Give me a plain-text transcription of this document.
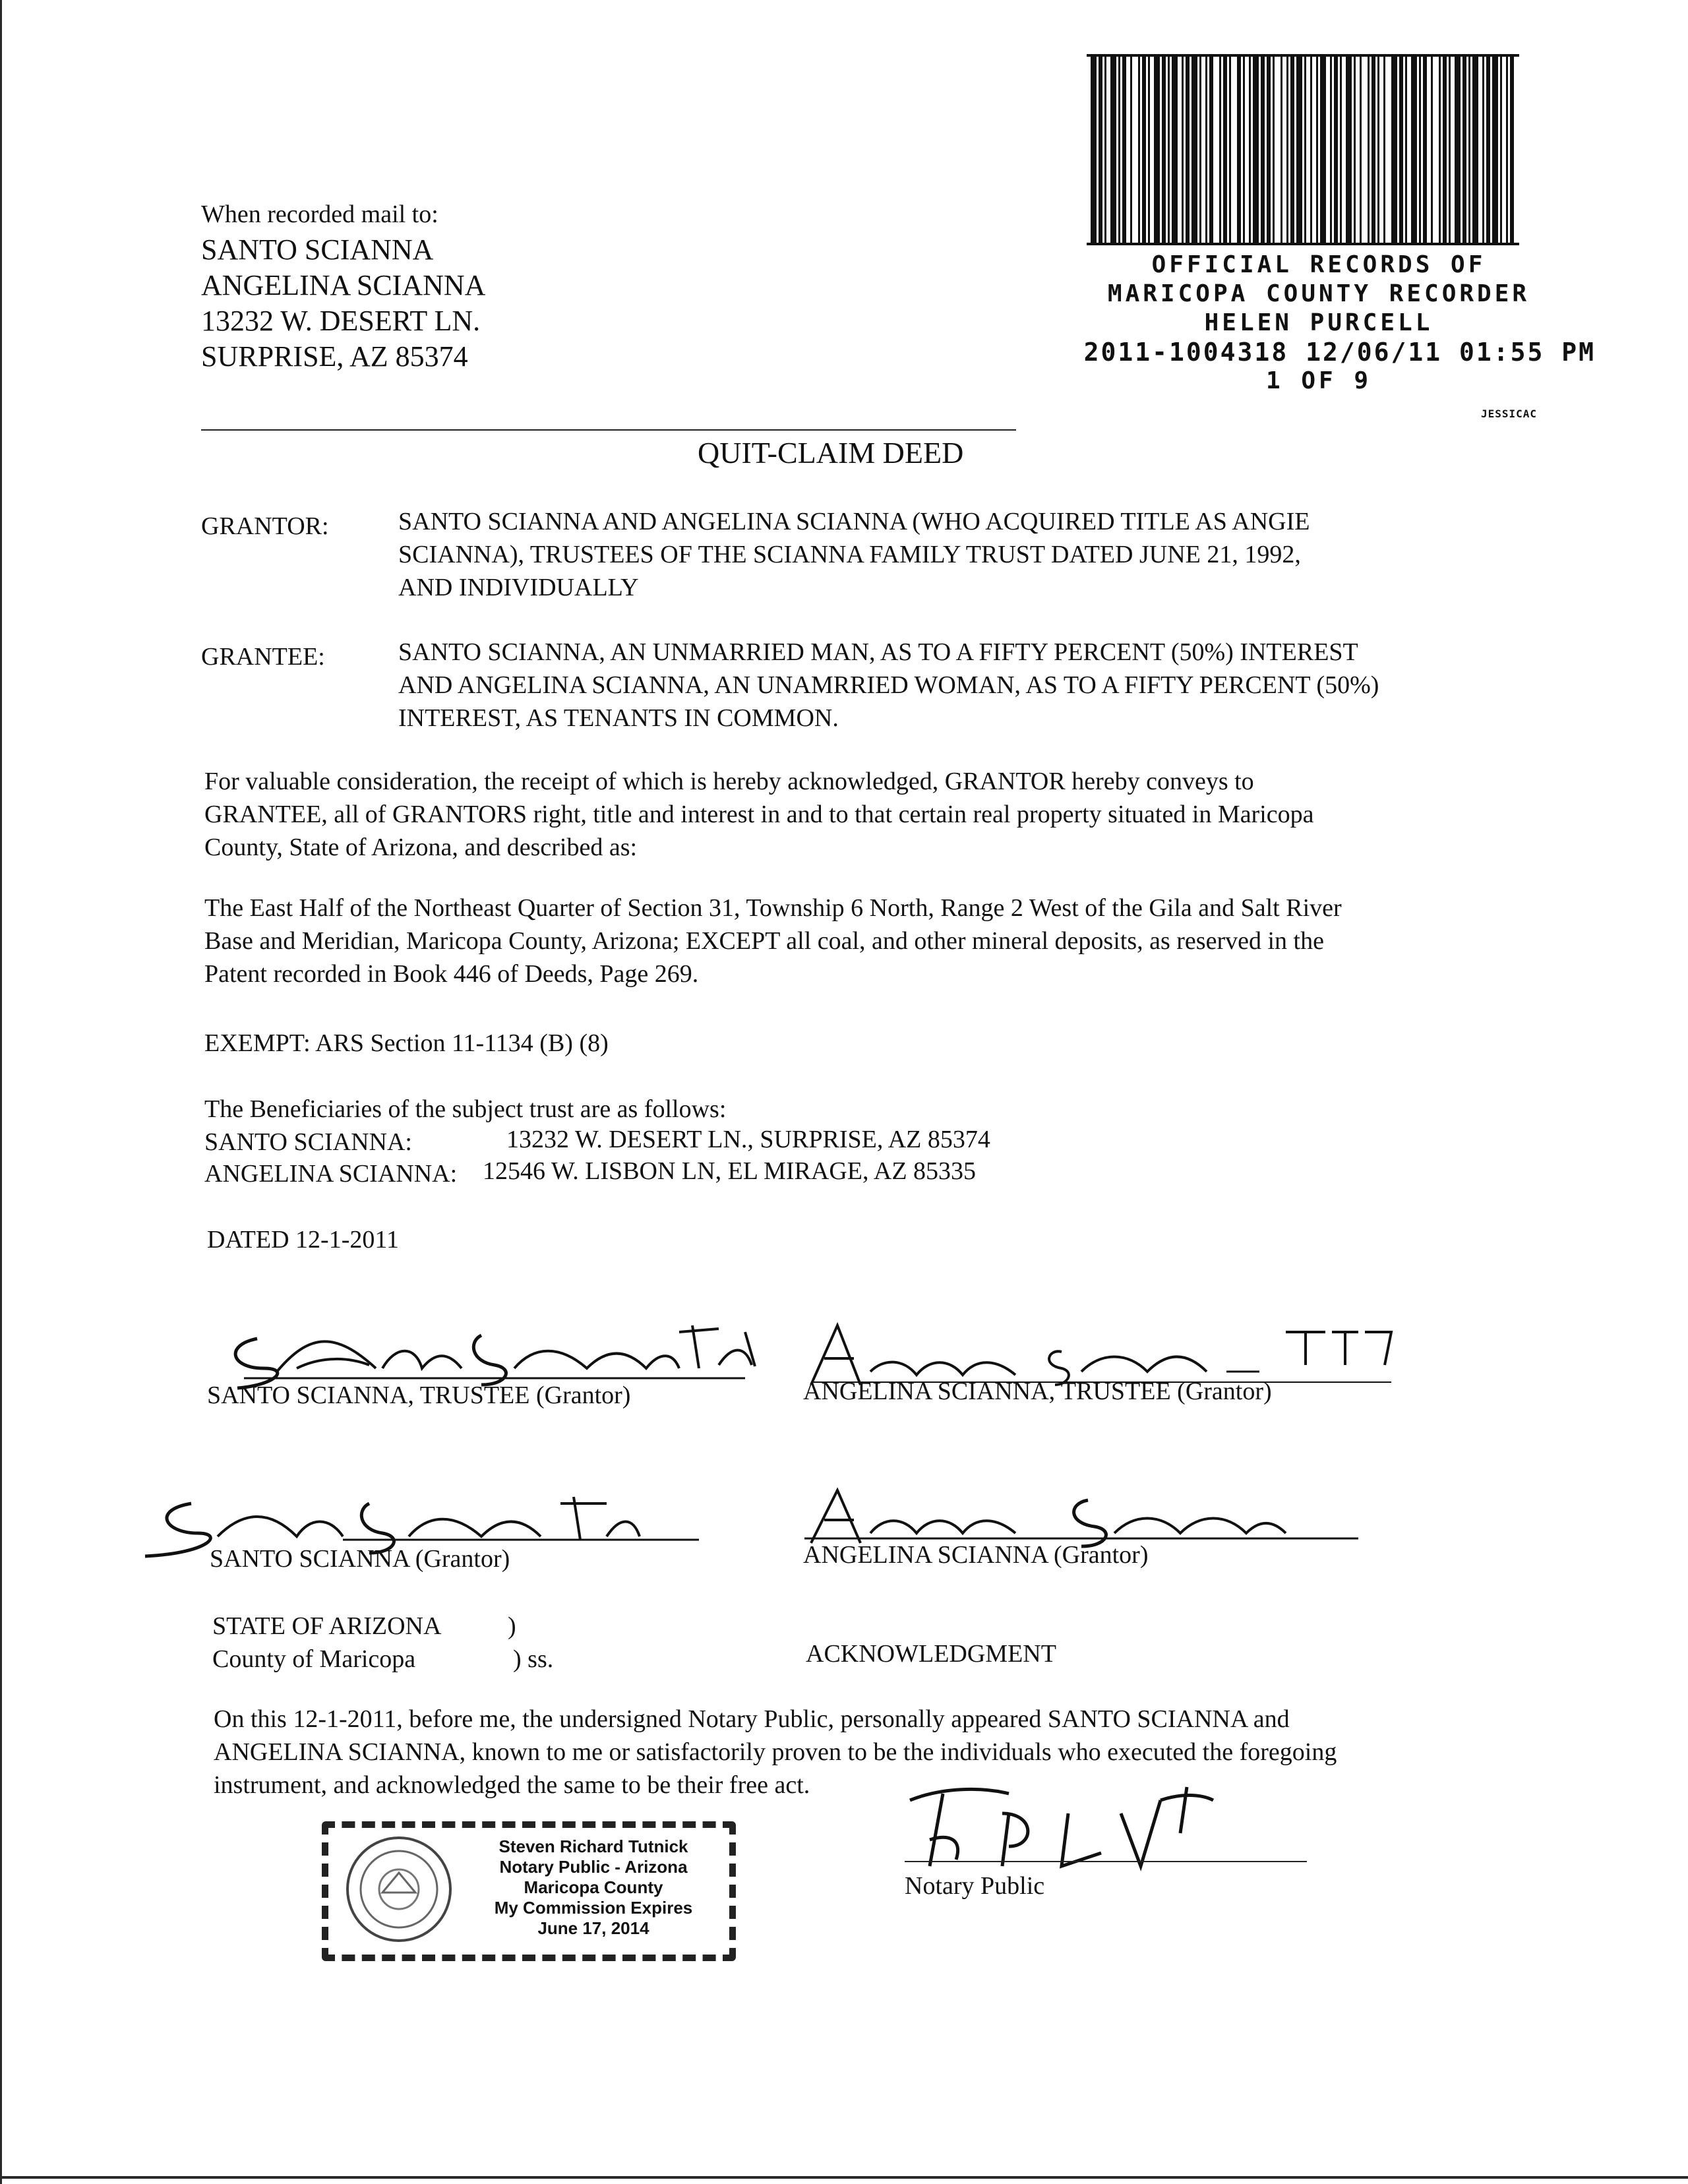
When recorded mail to:
SANTO SCIANNA
ANGELINA SCIANNA
13232 W. DESERT LN.
SURPRISE, AZ 85374
OFFICIAL RECORDS OF
MARICOPA COUNTY RECORDER
HELEN PURCELL
2011-1004318 12/06/11 01:55 PM
1 OF 9
JESSICAC
QUIT-CLAIM DEED
GRANTOR:	SANTO SCIANNA AND ANGELINA SCIANNA (WHO ACQUIRED TITLE AS ANGIE
SCIANNA), TRUSTEES OF THE SCIANNA FAMILY TRUST DATED JUNE 21, 1992,
AND INDIVIDUALLY
GRANTEE:	SANTO SCIANNA, AN UNMARRIED MAN, AS TO A FIFTY PERCENT (50%) INTEREST
AND ANGELINA SCIANNA, AN UNAMRRIED WOMAN, AS TO A FIFTY PERCENT (50%)
INTEREST, AS TENANTS IN COMMON.
For valuable consideration, the receipt of which is hereby acknowledged, GRANTOR hereby conveys to
GRANTEE, all of GRANTORS right, title and interest in and to that certain real property situated in Maricopa
County, State of Arizona, and described as:
The East Half of the Northeast Quarter of Section 31, Township 6 North, Range 2 West of the Gila and Salt River
Base and Meridian, Maricopa County, Arizona; EXCEPT all coal, and other mineral deposits, as reserved in the
Patent recorded in Book 446 of Deeds, Page 269.
EXEMPT: ARS Section 11-1134 (B) (8)
The Beneficiaries of the subject trust are as follows:
SANTO SCIANNA:	13232 W. DESERT LN., SURPRISE, AZ 85374
ANGELINA SCIANNA: 12546 W. LISBON LN, EL MIRAGE, AZ 85335
DATED 12-1-2011
SANTO SCIANNA, TRUSTEE (Grantor)	ANGELINA SCIANNA, TRUSTEE (Grantor)
SANTO SCIANNA (Grantor)	ANGELINA SCIANNA (Grantor)
STATE OF ARIZONA	)
County of Maricopa	) ss.	ACKNOWLEDGMENT
On this 12-1-2011, before me, the undersigned Notary Public, personally appeared SANTO SCIANNA and
ANGELINA SCIANNA, known to me or satisfactorily proven to be the individuals who executed the foregoing
instrument, and acknowledged the same to be their free act.
Steven Richard Tutnick
Notary Public - Arizona
Maricopa County
My Commission Expires
June 17, 2014
Notary Public
